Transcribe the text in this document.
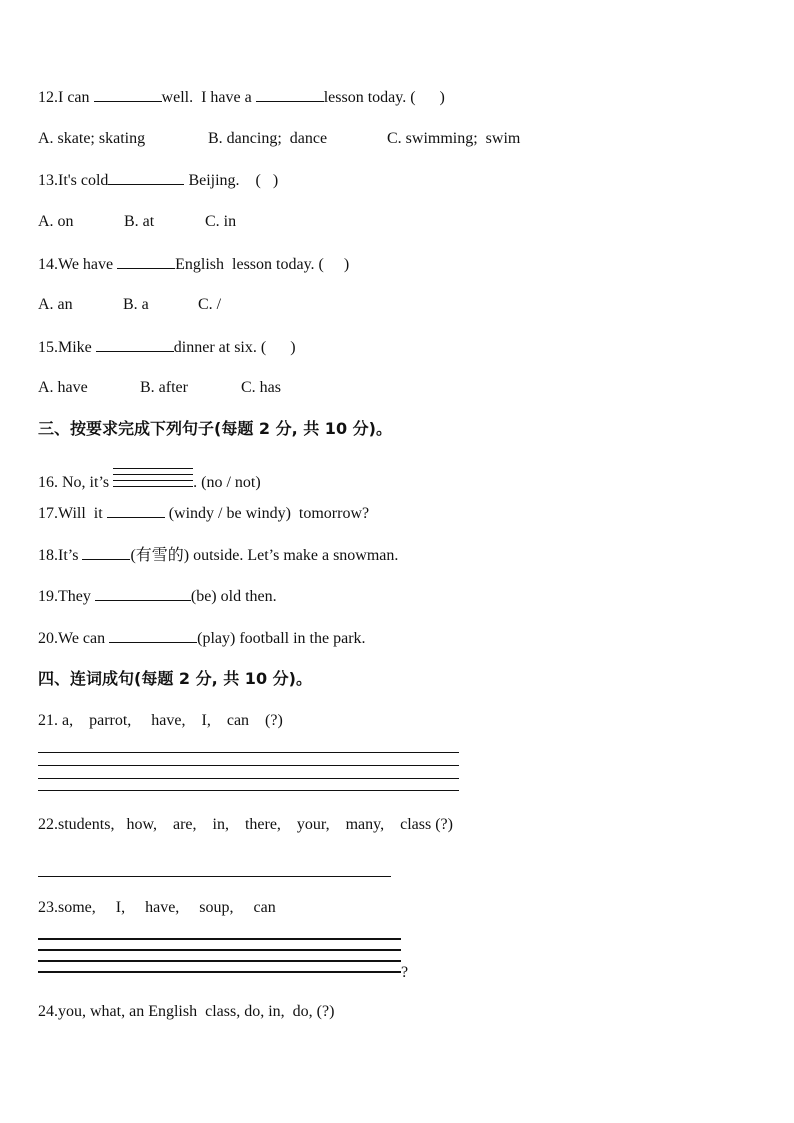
12.I can	well.  I have a	lesson today. (      )
A. skate; skating	B. dancing;  dance	C. swimming;  swim
13.It's cold	Beijing.    (   )
A. on	B. at	C. in
14.We have	English  lesson today. (     )
A. an	B. a	C. /
15.Mike	dinner at six. (      )
A. have	B. after	C. has
三、按要求完成下列句子(每题 2 分, 共 10 分)。
16. No, it’s	. (no / not)
17.Will  it	(windy / be windy)  tomorrow?
18.It’s	(有雪的) outside. Let’s make a snowman.
19.They	(be) old then.
20.We can	(play) football in the park.
四、连词成句(每题 2 分, 共 10 分)。
21. a,    parrot,     have,    I,    can    (?)
22.students,   how,    are,    in,    there,    your,    many,    class (?)
23.some,     I,     have,     soup,     can
?
24.you, what, an English  class, do, in,  do, (?)
